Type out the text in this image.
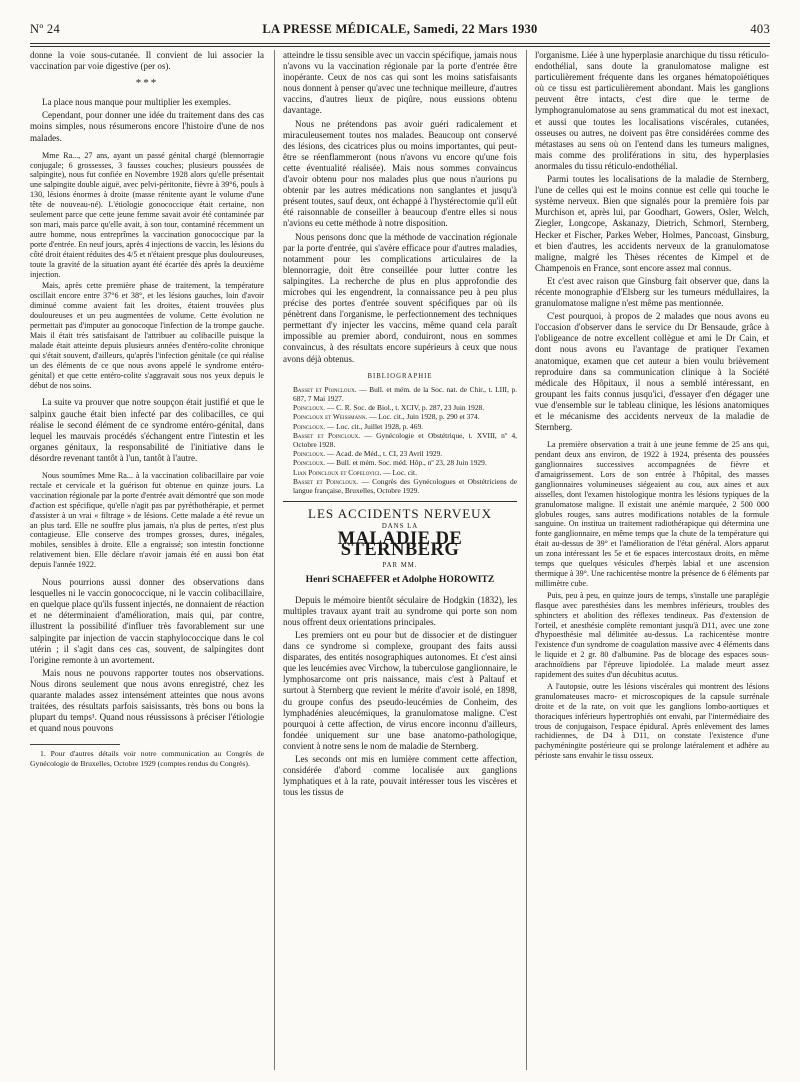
Nº 24	LA PRESSE MÉDICALE, Samedi, 22 Mars 1930	403

donne la voie sous-cutanée. Il convient de lui associer la vaccination par voie digestive (per os).

***

La place nous manque pour multiplier les exemples.

Cependant, pour donner une idée du traitement dans des cas moins simples, nous résumerons encore l'histoire d'une de nos malades.

Mme Ra..., 27 ans, ayant un passé génital chargé (blennorragie conjugale; 6 grossesses, 3 fausses couches; plusieurs poussées de salpingite), nous fut confiée en Novembre 1928 alors qu'elle présentait une salpingite double aiguë, avec pelvi-péritonite, fièvre à 39°6, pouls à 130, lésions énormes à droite (masse rénitente ayant le volume d'une tête de nouveau-né). L'étiologie gonococcique était certaine, non seulement parce que cette jeune femme savait avoir été contaminée par son mari, mais parce qu'elle avait, à son tour, contaminé récemment un autre homme, nous entreprîmes la vaccination gonococcique par la porte d'entrée. En neuf jours, après 4 injections de vaccin, les lésions du côté droit étaient réduites des 4/5 et n'étaient presque plus douloureuses, toute la gravité de la situation ayant été écartée dès après la deuxième injection.

Mais, après cette première phase de traitement, la température oscillait encore entre 37°6 et 38°, et les lésions gauches, loin d'avoir diminué comme avaient fait les droites, étaient trouvées plus douloureuses et un peu augmentées de volume. Cette évolution ne permettait pas d'imputer au gonocoque l'infection de la trompe gauche. Mais il était très satisfaisant de l'attribuer au colibacille puisque la malade était atteinte depuis plusieurs années d'entéro-colite chronique qui s'était souvent, d'ailleurs, qu'après l'infection génitale (ce qui réalise un des éléments de ce que nous avons appelé le syndrome entéro-génital) et que cette entéro-colite s'aggravait sous nos yeux depuis le début de nos soins.

La suite va prouver que notre soupçon était justifié et que le salpinx gauche était bien infecté par des colibacilles, ce qui réalise le second élément de ce syndrome entéro-génital, dans lequel les mauvais procédés s'échangent entre l'intestin et les organes génitaux, la responsabilité de l'initiative dans le désordre revenant tantôt à l'un, tantôt à l'autre.

Nous soumîmes Mme Ra... à la vaccination colibacillaire par voie rectale et cervicale et la guérison fut obtenue en quinze jours. La vaccination régionale par la porte d'entrée avait démontré que son mode d'action est spécifique, qu'elle n'agit pas par pyréthothérapie, et permet d'assister à un vrai « filtrage » de lésions. Cette malade a été revue un an plus tard. Elle ne souffre plus jamais, n'a plus de pertes, n'est plus contagieuse. Elle conserve des trompes grosses, dures, inégales, mobiles, sensibles à droite. Elle a engraissé; son intestin fonctionne relativement bien. Elle déclare n'avoir jamais été en aussi bon état depuis l'année 1922.

Nous pourrions aussi donner des observations dans lesquelles ni le vaccin gonococcique, ni le vaccin colibacillaire, en quelque place qu'ils fussent injectés, ne donnaient de réaction et ne déterminaient d'amélioration, mais qui, par contre, illustrent la possibilité d'influer très favorablement sur une salpingite par injection de vaccin staphylococcique dans le col utérin ; il s'agit dans ces cas, souvent, de salpingites dont l'origine remonte à un avortement.

Mais nous ne pouvons rapporter toutes nos observations. Nous dirons seulement que nous avons enregistré, chez les quarante malades assez intensément atteintes que nous avons traitées, des résultats parfois saisissants, très bons ou bons la plupart du temps¹. Quand nous réussissons à préciser l'étiologie et quand nous pouvons

1. Pour d'autres détails voir notre communication au Congrès de Gynécologie de Bruxelles, Octobre 1929 (comptes rendus du Congrès).

atteindre le tissu sensible avec un vaccin spécifique, jamais nous n'avons vu la vaccination régionale par la porte d'entrée être inopérante. Ceux de nos cas qui sont les moins satisfaisants nous donnent à penser qu'avec une technique meilleure, d'autres vaccins, d'autres lieux de piqûre, nous eussions obtenu davantage.

Nous ne prétendons pas avoir guéri radicalement et miraculeusement toutes nos malades. Beaucoup ont conservé des lésions, des cicatrices plus ou moins importantes, qui peut-être se réenflammeront (nous n'avons vu encore qu'une fois cette éventualité réalisée). Mais nous sommes convaincus d'avoir obtenu pour nos malades plus que nous n'aurions pu obtenir par les autres médications non sanglantes et jusqu'à présent toutes, sauf deux, ont échappé à l'hystérectomie qu'il eût été raisonnable de conseiller à beaucoup d'entre elles si nous n'avions eu cette méthode à notre disposition.

Nous pensons donc que la méthode de vaccination régionale par la porte d'entrée, qui s'avère efficace pour d'autres maladies, notamment pour les complications articulaires de la blennorragie, doit être conseillée pour lutter contre les salpingites. La recherche de plus en plus approfondie des microbes qui les engendrent, la connaissance peu à peu plus précise des portes d'entrée souvent spécifiques par où ils pénètrent dans l'organisme, le perfectionnement des techniques permettant d'y injecter les vaccins, même quand cela paraît impossible au premier abord, conduiront, nous en sommes convaincus, à des résultats encore supérieurs à ceux que nous avons déjà obtenus.

BIBLIOGRAPHIE

Basset et Poincloux. — Bull. et mém. de la Soc. nat. de Chir., t. LIII, p. 687, 7 Mai 1927.

Poincloux. — C. R. Soc. de Biol., t. XCIV, p. 287, 23 Juin 1928.

Poincloux et Weissmann. — Loc. cit., Juin 1928, p. 290 et 374.

Poincloux. — Loc. cit., Juillet 1928, p. 469.

Basset et Poincloux. — Gynécologie et Obstétrique, t. XVIII, nº 4, Octobre 1928.

Poincloux. — Acad. de Méd., t. CI, 23 Avril 1929.

Poincloux. — Bull. et mém. Soc. méd. Hôp., nº 23, 28 Juin 1929.

Lian Poincloux et Copelovici. — Loc. cit.

Basset et Poincloux. — Congrès des Gynécologues et Obstétriciens de langue française, Bruxelles, Octobre 1929.

LES ACCIDENTS NERVEUX
DANS LA
MALADIE DE STERNBERG
PAR MM.
Henri SCHAEFFER et Adolphe HOROWITZ

Depuis le mémoire bientôt séculaire de Hodgkin (1832), les multiples travaux ayant trait au syndrome qui porte son nom nous offrent deux orientations principales.

Les premiers ont eu pour but de dissocier et de distinguer dans ce syndrome si complexe, groupant des faits aussi disparates, des entités nosographiques autonomes. Et c'est ainsi que les leucémies avec Virchow, la tuberculose ganglionnaire, le lymphosarcome ont pris naissance, mais c'est à Paltauf et surtout à Sternberg que revient le mérite d'avoir isolé, en 1898, du groupe confus des pseudo-leucémies de Conheim, des lymphadénies aleucémiques, la granulomatose maligne. C'est pourquoi à cette affection, de virus encore inconnu d'ailleurs, fondée uniquement sur une base anatomo-pathologique, convient à notre sens le nom de maladie de Sternberg.

Les seconds ont mis en lumière comment cette affection, considérée d'abord comme localisée aux ganglions lymphatiques et à la rate, pouvait intéresser tous les viscères et tous les tissus de

l'organisme. Liée à une hyperplasie anarchique du tissu réticulo-endothélial, sans doute la granulomatose maligne est particulièrement fréquente dans les organes hématopoïétiques où ce tissu est particulièrement abondant. Mais les ganglions peuvent être intacts, c'est dire que le terme de lymphogranulomatose au sens grammatical du mot est inexact, et aussi que toutes les localisations viscérales, cutanées, osseuses ou autres, ne doivent pas être considérées comme des métastases au sens où on l'entend dans les tumeurs malignes, mais comme des proliférations in situ, des hyperplasies anormales du tissu réticulo-endothélial.

Parmi toutes les localisations de la maladie de Sternberg, l'une de celles qui est le moins connue est celle qui touche le système nerveux. Bien que signalés pour la première fois par Murchison et, après lui, par Goodhart, Gowers, Osler, Welch, Ziegler, Longcope, Askanazy, Dietrich, Schmorl, Sternberg, Hecker et Fischer, Parkes Weber, Holmes, Pancoast, Ginsburg, et bien d'autres, les accidents nerveux de la granulomatose maligne, malgré les Thèses récentes de Kimpel et de Champenois en France, sont encore assez mal connus.

Et c'est avec raison que Ginsburg fait observer que, dans la récente monographie d'Elsberg sur les tumeurs médullaires, la granulomatose maligne n'est même pas mentionnée.

C'est pourquoi, à propos de 2 malades que nous avons eu l'occasion d'observer dans le service du Dr Bensaude, grâce à l'obligeance de notre excellent collègue et ami le Dr Cain, et dont nous avons eu l'avantage de pratiquer l'examen anatomique, examen que cet auteur a bien voulu brièvement reproduire dans sa communication clinique à la Société médicale des Hôpitaux, il nous a semblé intéressant, en groupant les faits connus jusqu'ici, d'essayer d'en dégager une vue d'ensemble sur le tableau clinique, les lésions anatomiques et le mécanisme des accidents nerveux de la maladie de Sternberg.

La première observation a trait à une jeune femme de 25 ans qui, pendant deux ans environ, de 1922 à 1924, présenta des poussées ganglionnaires successives accompagnées de fièvre et d'amaigrissement. Lors de son entrée à l'hôpital, des masses ganglionnaires volumineuses siégeaient au cou, aux aines et aux aisselles, dont l'examen histologique montra les lésions typiques de la granulomatose maligne. Il existait une anémie marquée, 2 500 000 globules rouges, sans autres modifications notables de la formule sanguine. On institua un traitement radiothérapique qui détermina une fonte ganglionnaire, en même temps que la chute de la température qui était au-dessus de 39° et l'amélioration de l'état général. Alors apparut un zona intéressant les 5e et 6e espaces intercostaux droits, en même temps que quelques vésicules d'herpès labial et une ascension thermique à 39°. Une rachicentèse montre la présence de 6 éléments par millimètre cube.

Puis, peu à peu, en quinze jours de temps, s'installe une paraplégie flasque avec paresthésies dans les membres inférieurs, troubles des sphincters et abolition des réflexes tendineux. Pas d'extension de l'orteil, et anesthésie complète remontant jusqu'à D11, avec une zone d'hypoesthésie mal délimitée au-dessus. La rachicentèse montre l'existence d'un syndrome de coagulation massive avec 4 éléments dans le liquide et 2 gr. 80 d'albumine. Pas de blocage des espaces sous-arachnoïdiens par l'épreuve lipiodolée. La malade meurt assez rapidement des suites d'un décubitus acutus.

A l'autopsie, outre les lésions viscérales qui montrent des lésions granulomateuses macro- et microscopiques de la capsule surrénale droite et de la rate, on voit que les ganglions lombo-aortiques et thoraciques inférieurs hypertrophiés ont envahi, par l'intermédiaire des trous de conjugaison, l'espace épidural. Après enlèvement des lames rachidiennes, de D4 à D11, on constate l'existence d'une pachyméningite postérieure qui se prolonge latéralement et adhère au périoste sans envahir le tissu osseux.
